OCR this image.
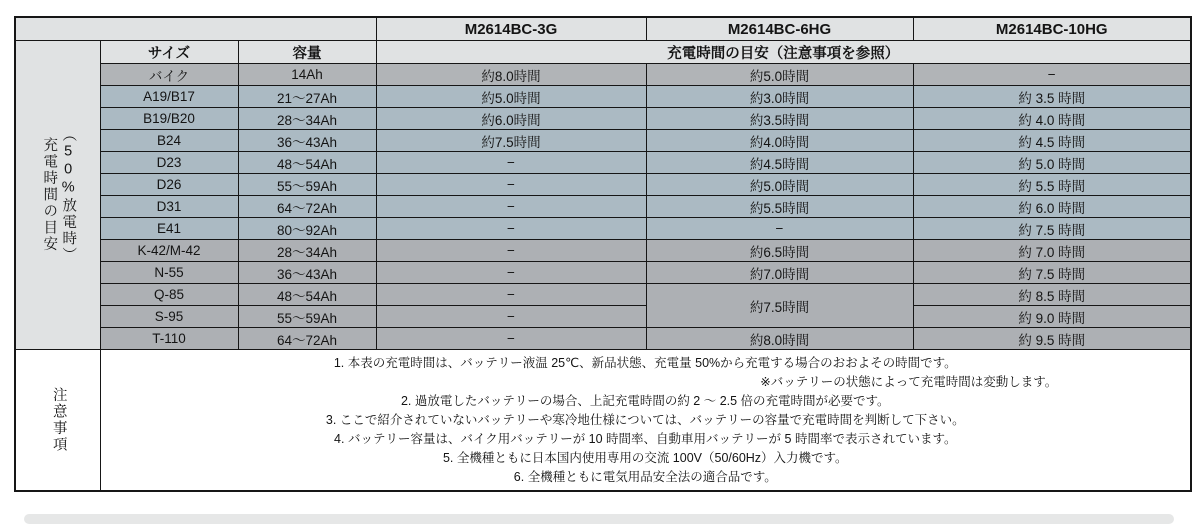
			M2614BC-3G	M2614BC-6HG	M2614BC-10HG

充電時間の目安 （50%放電時）	サイズ	容量	充電時間の目安（注意事項を参照）		
	バイク	14Ah	約8.0時間	約5.0時間	−
	A19/B17	21〜27Ah	約5.0時間	約3.0時間	約 3.5 時間
	B19/B20	28〜34Ah	約6.0時間	約3.5時間	約 4.0 時間
	B24	36〜43Ah	約7.5時間	約4.0時間	約 4.5 時間
	D23	48〜54Ah	−	約4.5時間	約 5.0 時間
	D26	55〜59Ah	−	約5.0時間	約 5.5 時間
	D31	64〜72Ah	−	約5.5時間	約 6.0 時間
	E41	80〜92Ah	−	−	約 7.5 時間
	K-42/M-42	28〜34Ah	−	約6.5時間	約 7.0 時間
	N-55	36〜43Ah	−	約7.0時間	約 7.5 時間
	Q-85	48〜54Ah	−	約7.5時間	約 8.5 時間
	S-95	55〜59Ah	−		約 9.0 時間
	T-110	64〜72Ah	−	約8.0時間	約 9.5 時間

注意事項

1. 本表の充電時間は、バッテリー液温 25℃、新品状態、充電量 50%から充電する場合のおおよその時間です。
※バッテリーの状態によって充電時間は変動します。
2. 過放電したバッテリーの場合、上記充電時間の約 2 〜 2.5 倍の充電時間が必要です。
3. ここで紹介されていないバッテリーや寒冷地仕様については、バッテリーの容量で充電時間を判断して下さい。
4. バッテリー容量は、バイク用バッテリーが 10 時間率、自動車用バッテリーが 5 時間率で表示されています。
5. 全機種ともに日本国内使用専用の交流 100V（50/60Hz）入力機です。
6. 全機種ともに電気用品安全法の適合品です。
